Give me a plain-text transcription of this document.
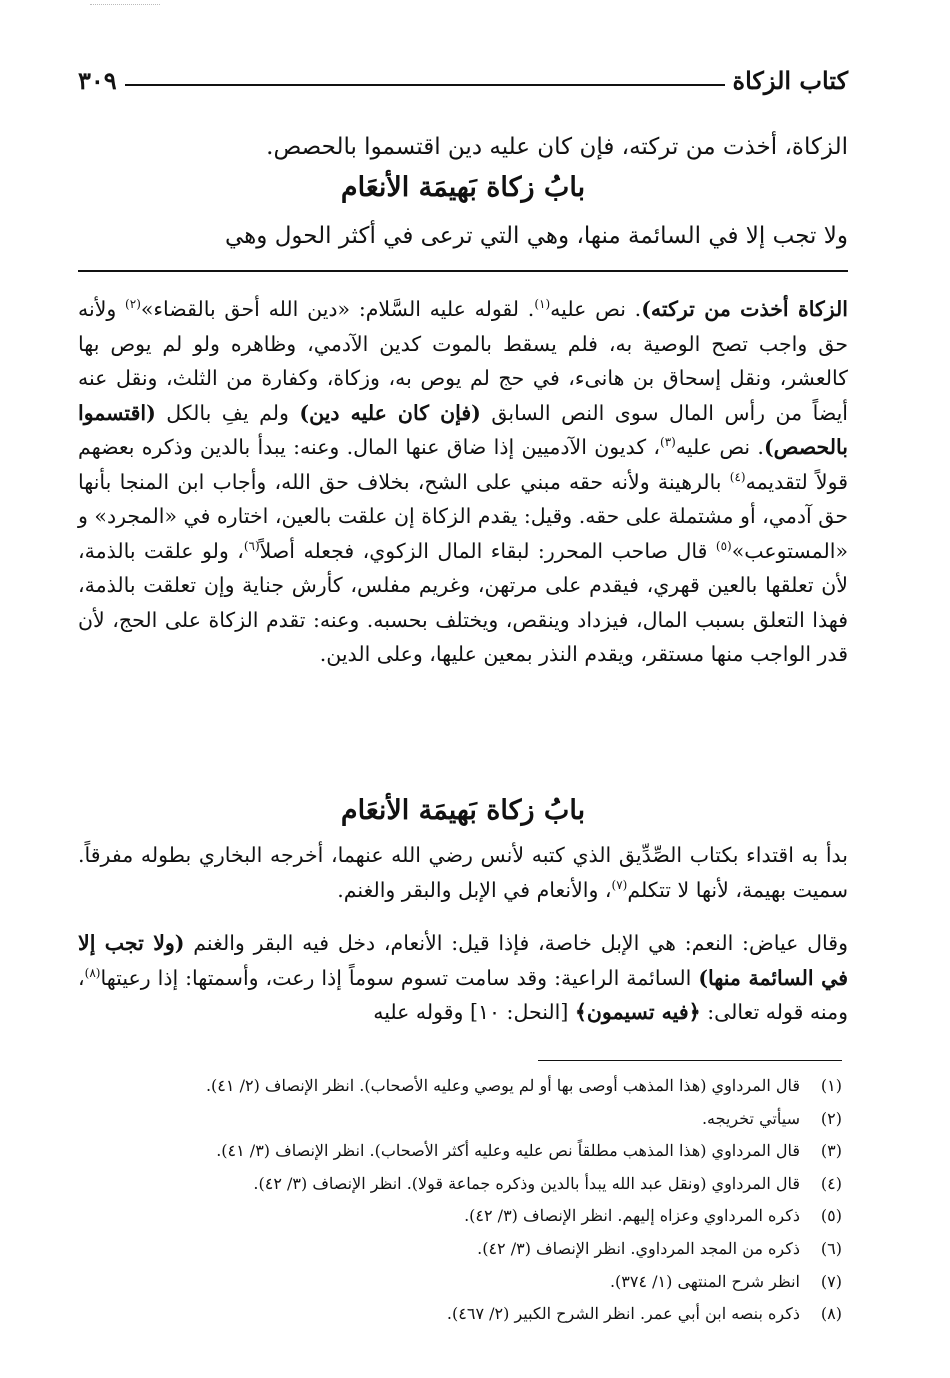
كتاب الزكاة
٣٠٩
الزكاة، أخذت من تركته، فإن كان عليه دين اقتسموا بالحصص.
بابُ زكاة بَهيمَة الأنعَام
ولا تجب إلا في السائمة منها، وهي التي ترعى في أكثر الحول وهي

الزكاة أخذت من تركته). نص عليه$^{(١)}$. لقوله عليه السَّلام: «دين الله أحق بالقضاء»$^{(٢)}$ ولأنه حق واجب تصح الوصية به، فلم يسقط بالموت كدين الآدمي، وظاهره ولو لم يوص بها كالعشر، ونقل إسحاق بن هانىء، في حج لم يوص به، وزكاة، وكفارة من الثلث، ونقل عنه أيضاً من رأس المال سوى النص السابق (فإن كان عليه دين) ولم يفِ بالكل (اقتسموا بالحصص). نص عليه$^{(٣)}$، كديون الآدميين إذا ضاق عنها المال. وعنه: يبدأ بالدين وذكره بعضهم قولاً لتقديمه$^{(٤)}$ بالرهينة ولأنه حقه مبني على الشح، بخلاف حق الله، وأجاب ابن المنجا بأنها حق آدمي، أو مشتملة على حقه. وقيل: يقدم الزكاة إن علقت بالعين، اختاره في «المجرد» و «المستوعب»$^{(٥)}$ قال صاحب المحرر: لبقاء المال الزكوي، فجعله أصلاً$^{(٦)}$، ولو علقت بالذمة، لأن تعلقها بالعين قهري، فيقدم على مرتهن، وغريم مفلس، كأرش جناية وإن تعلقت بالذمة، فهذا التعلق بسبب المال، فيزداد وينقص، ويختلف بحسبه. وعنه: تقدم الزكاة على الحج، لأن قدر الواجب منها مستقر، ويقدم النذر بمعين عليها، وعلى الدين.

بابُ زكاة بَهيمَة الأنعَام
بدأ به اقتداء بكتاب الصِّدِّيق الذي كتبه لأنس رضي الله عنهما، أخرجه البخاري بطوله مفرقاً. سميت بهيمة، لأنها لا تتكلم$^{(٧)}$، والأنعام في الإبل والبقر والغنم.
وقال عياض: النعم: هي الإبل خاصة، فإذا قيل: الأنعام، دخل فيه البقر والغنم (ولا تجب إلا في السائمة منها) السائمة الراعية: وقد سامت تسوم سوماً إذا رعت، وأسمتها: إذا رعيتها$^{(٨)}$، ومنه قوله تعالى: ﴿فيه تسيمون﴾ [النحل: ١٠] وقوله عليه
(١)
قال المرداوي (هذا المذهب أوصى بها أو لم يوصي وعليه الأصحاب). انظر الإنصاف (٢/ ٤١).
(٢)
سيأتي تخريجه.
(٣)
قال المرداوي (هذا المذهب مطلقاً نص عليه وعليه أكثر الأصحاب). انظر الإنصاف (٣/ ٤١).
(٤)
قال المرداوي (ونقل عبد الله يبدأ بالدين وذكره جماعة قولا). انظر الإنصاف (٣/ ٤٢).
(٥)
ذكره المرداوي وعزاه إليهم. انظر الإنصاف (٣/ ٤٢).
(٦)
ذكره من المجد المرداوي. انظر الإنصاف (٣/ ٤٢).
(٧)
انظر شرح المنتهى (١/ ٣٧٤).
(٨)
ذكره بنصه ابن أبي عمر. انظر الشرح الكبير (٢/ ٤٦٧).
